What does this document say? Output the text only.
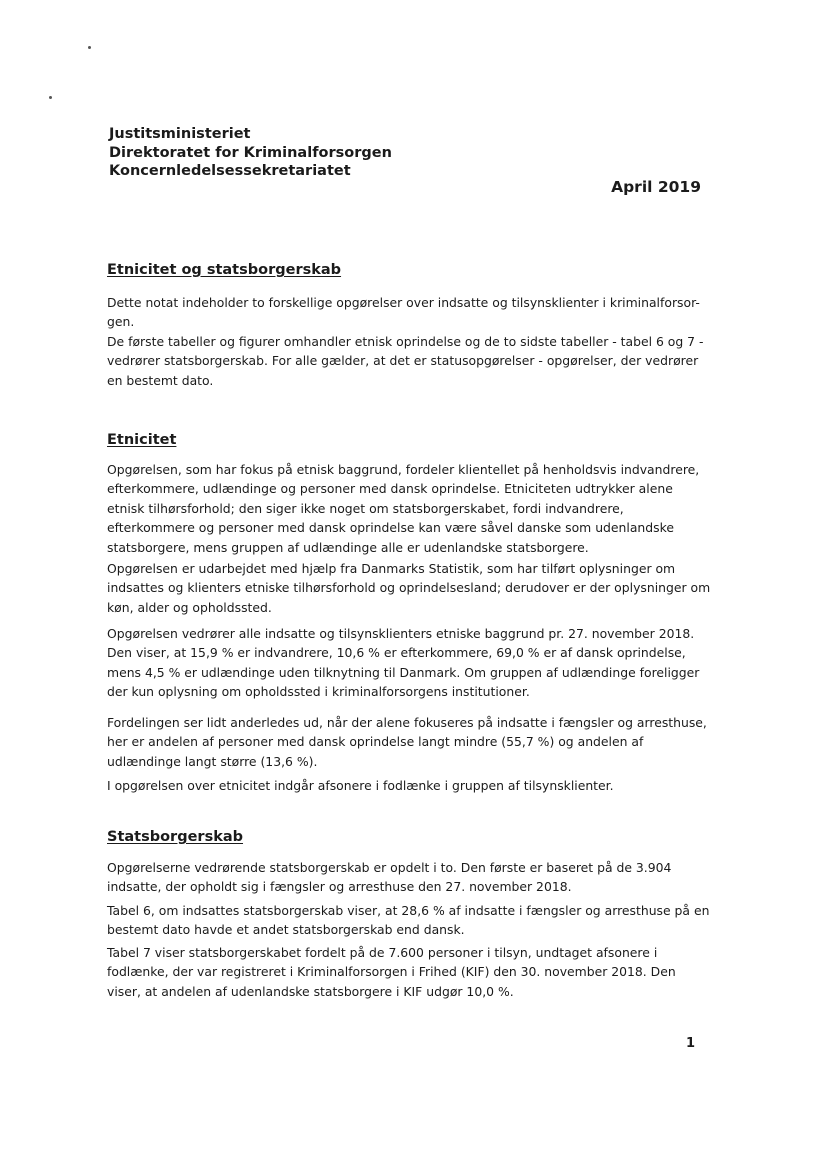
Justitsministeriet
Direktoratet for Kriminalforsorgen
Koncernledelsessekretariatet
April 2019
Etnicitet og statsborgerskab
Dette notat indeholder to forskellige opgørelser over indsatte og tilsynsklienter i kriminalforsor-
gen.
De første tabeller og figurer omhandler etnisk oprindelse og de to sidste tabeller - tabel 6 og 7 -
vedrører statsborgerskab. For alle gælder, at det er statusopgørelser - opgørelser, der vedrører
en bestemt dato.
Etnicitet
Opgørelsen, som har fokus på etnisk baggrund, fordeler klientellet på henholdsvis indvandrere,
efterkommere, udlændinge og personer med dansk oprindelse. Etniciteten udtrykker alene
etnisk tilhørsforhold; den siger ikke noget om statsborgerskabet, fordi indvandrere,
efterkommere og personer med dansk oprindelse kan være såvel danske som udenlandske
statsborgere, mens gruppen af udlændinge alle er udenlandske statsborgere.
Opgørelsen er udarbejdet med hjælp fra Danmarks Statistik, som har tilført oplysninger om
indsattes og klienters etniske tilhørsforhold og oprindelsesland; derudover er der oplysninger om
køn, alder og opholdssted.
Opgørelsen vedrører alle indsatte og tilsynsklienters etniske baggrund pr. 27. november 2018.
Den viser, at 15,9 % er indvandrere, 10,6 % er efterkommere, 69,0 % er af dansk oprindelse,
mens 4,5 % er udlændinge uden tilknytning til Danmark. Om gruppen af udlændinge foreligger
der kun oplysning om opholdssted i kriminalforsorgens institutioner.
Fordelingen ser lidt anderledes ud, når der alene fokuseres på indsatte i fængsler og arresthuse,
her er andelen af personer med dansk oprindelse langt mindre (55,7 %) og andelen af
udlændinge langt større (13,6 %).
I opgørelsen over etnicitet indgår afsonere i fodlænke i gruppen af tilsynsklienter.
Statsborgerskab
Opgørelserne vedrørende statsborgerskab er opdelt i to. Den første er baseret på de 3.904
indsatte, der opholdt sig i fængsler og arresthuse den 27. november 2018.
Tabel 6, om indsattes statsborgerskab viser, at 28,6 % af indsatte i fængsler og arresthuse på en
bestemt dato havde et andet statsborgerskab end dansk.
Tabel 7 viser statsborgerskabet fordelt på de 7.600 personer i tilsyn, undtaget afsonere i
fodlænke, der var registreret i Kriminalforsorgen i Frihed (KIF) den 30. november 2018. Den
viser, at andelen af udenlandske statsborgere i KIF udgør 10,0 %.
1
